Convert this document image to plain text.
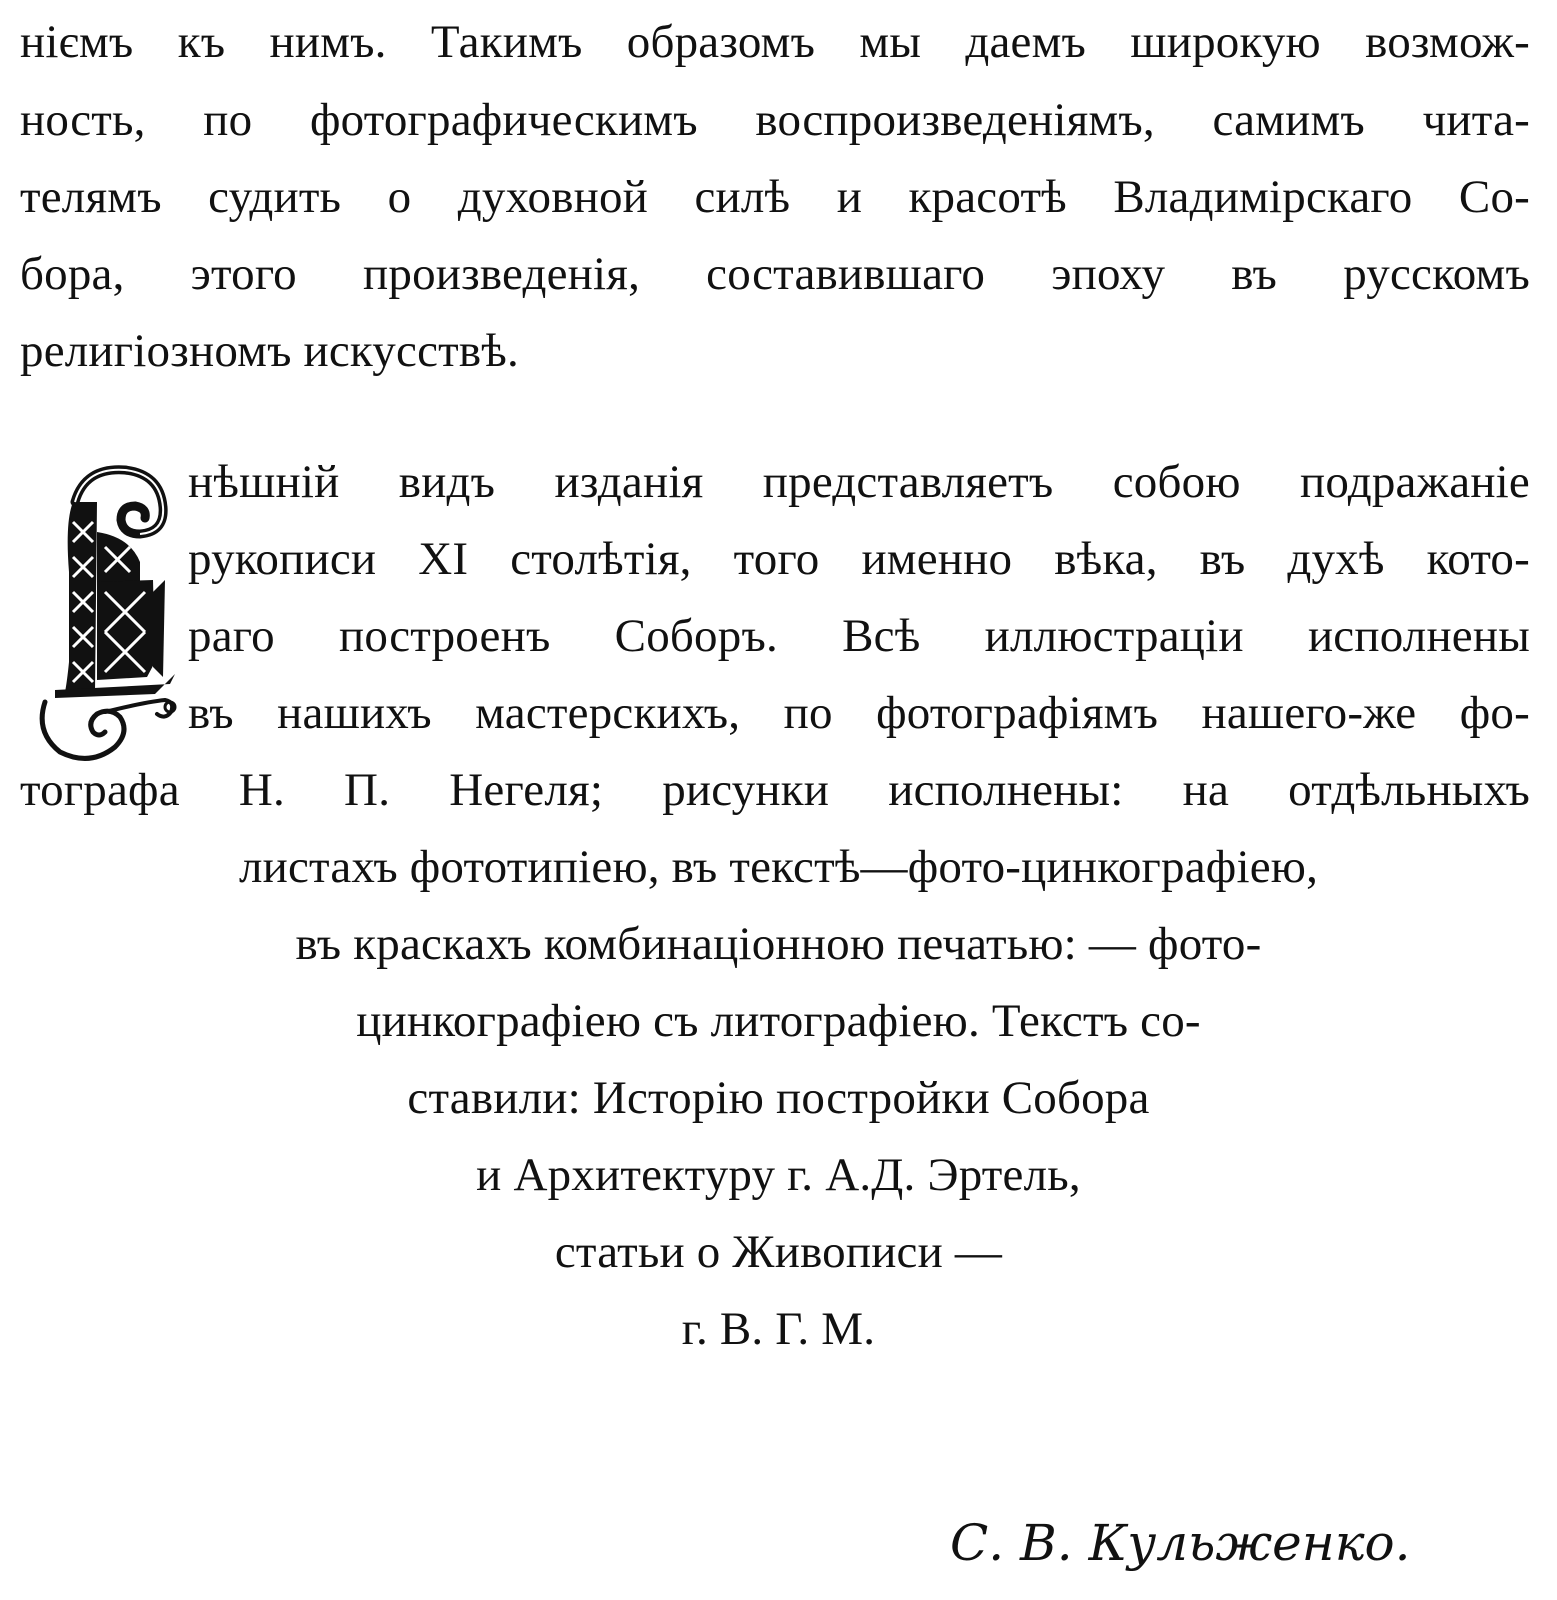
ніємъ къ нимъ. Такимъ образомъ мы даемъ широкую возмож-
ность, по фотографическимъ воспроизведеніямъ, самимъ чита-
телямъ судить о духовной силѣ и красотѣ Владимірскаго Со-
бора, этого произведенія, составившаго эпоху въ русскомъ
религіозномъ искусствѣ.
нѣшній видъ изданія представляетъ собою подражаніе
рукописи XI столѣтія, того именно вѣка, въ духѣ кото-
раго построенъ Соборъ. Всѣ иллюстраціи исполнены
въ нашихъ мастерскихъ, по фотографіямъ нашего-же фо-
тографа Н. П. Негеля; рисунки исполнены: на отдѣльныхъ
листахъ фототипіею, въ текстѣ—фото-цинкографіею,
въ краскахъ комбинаціонною печатью: — фото-
цинкографіею съ литографіею. Текстъ со-
ставили: Исторію постройки Собора
и Архитектуру г. А.Д. Эртель,
статьи о Живописи —
г. В. Г. М.
С. В. Кульженко.
